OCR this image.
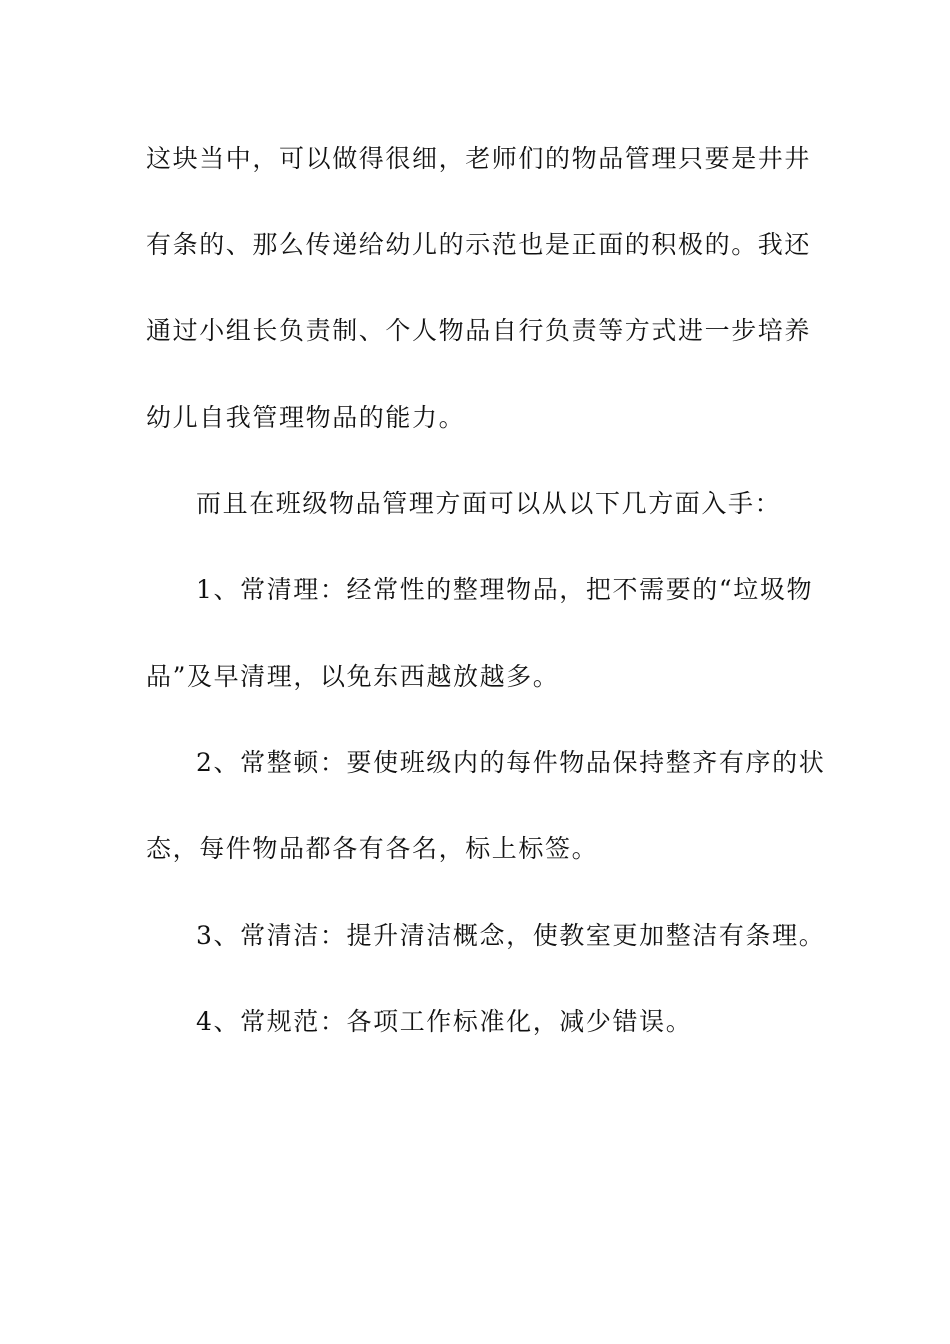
这块当中，可以做得很细，老师们的物品管理只要是井井
有条的、那么传递给幼儿的示范也是正面的积极的。我还
通过小组长负责制、个人物品自行负责等方式进一步培养
幼儿自我管理物品的能力。
而且在班级物品管理方面可以从以下几方面入手：
1、常清理：经常性的整理物品，把不需要的“垃圾物
品”及早清理，以免东西越放越多。
2、常整顿：要使班级内的每件物品保持整齐有序的状
态，每件物品都各有各名，标上标签。
3、常清洁：提升清洁概念，使教室更加整洁有条理。
4、常规范：各项工作标准化，减少错误。
